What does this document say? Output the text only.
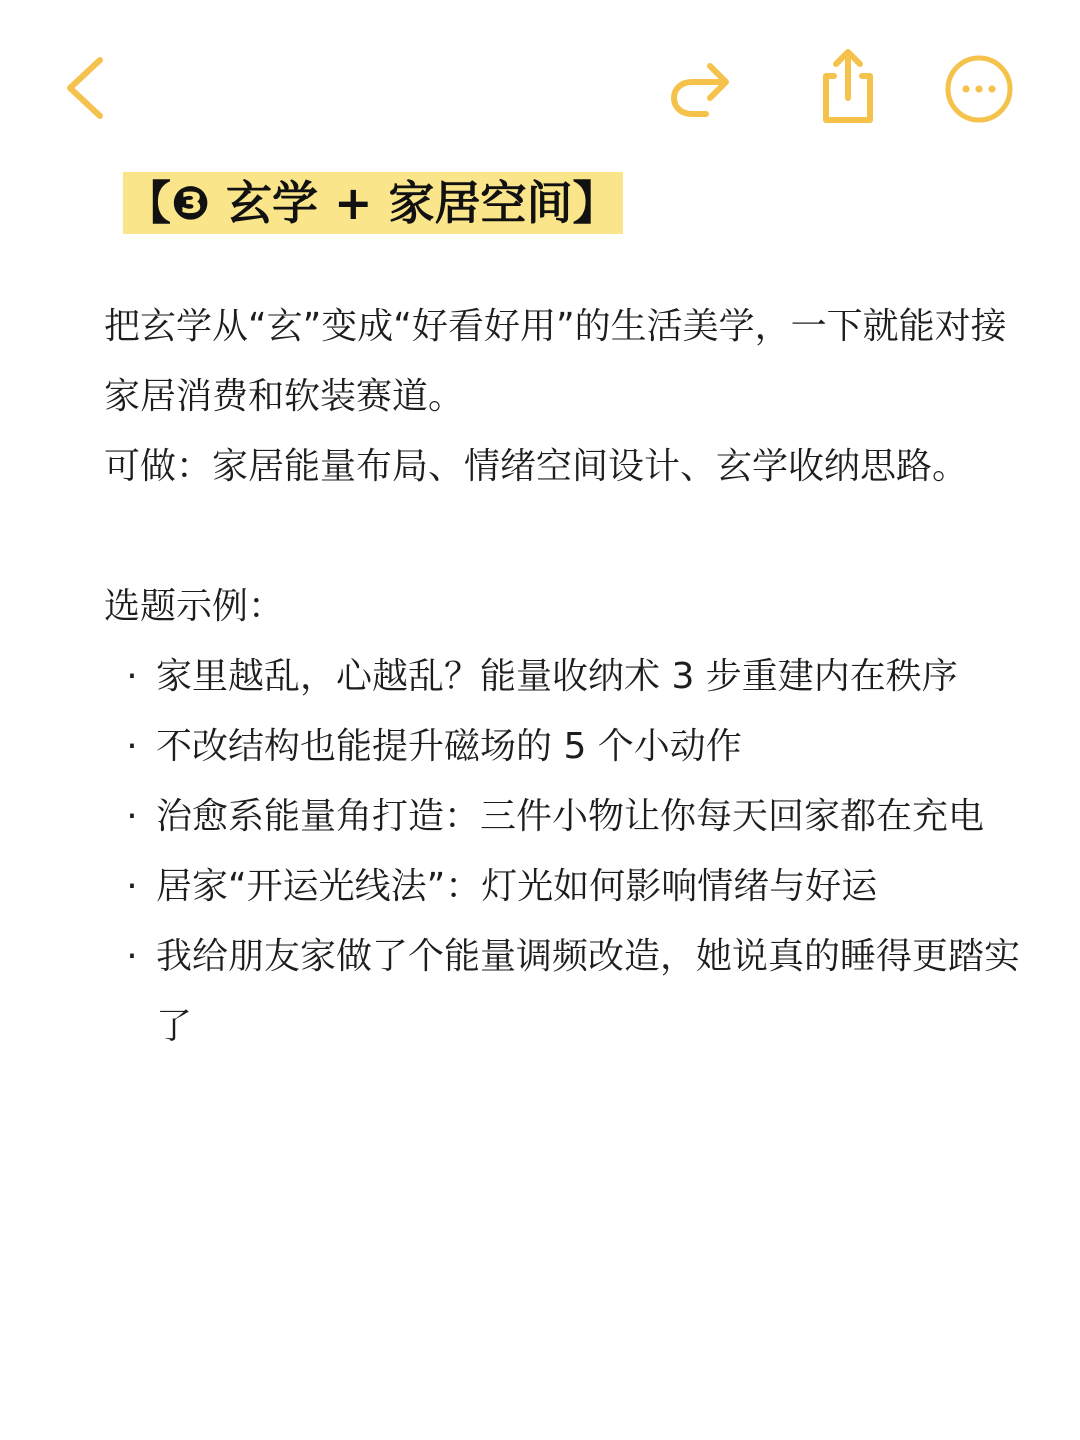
【❸ 玄学 + 家居空间】

把玄学从“玄”变成“好看好用”的生活美学，一下就能对接家居消费和软装赛道。

可做：家居能量布局、情绪空间设计、玄学收纳思路。

选题示例：

· 家里越乱，心越乱？能量收纳术 3 步重建内在秩序
· 不改结构也能提升磁场的 5 个小动作
· 治愈系能量角打造：三件小物让你每天回家都在充电
· 居家“开运光线法”：灯光如何影响情绪与好运
· 我给朋友家做了个能量调频改造，她说真的睡得更踏实了
